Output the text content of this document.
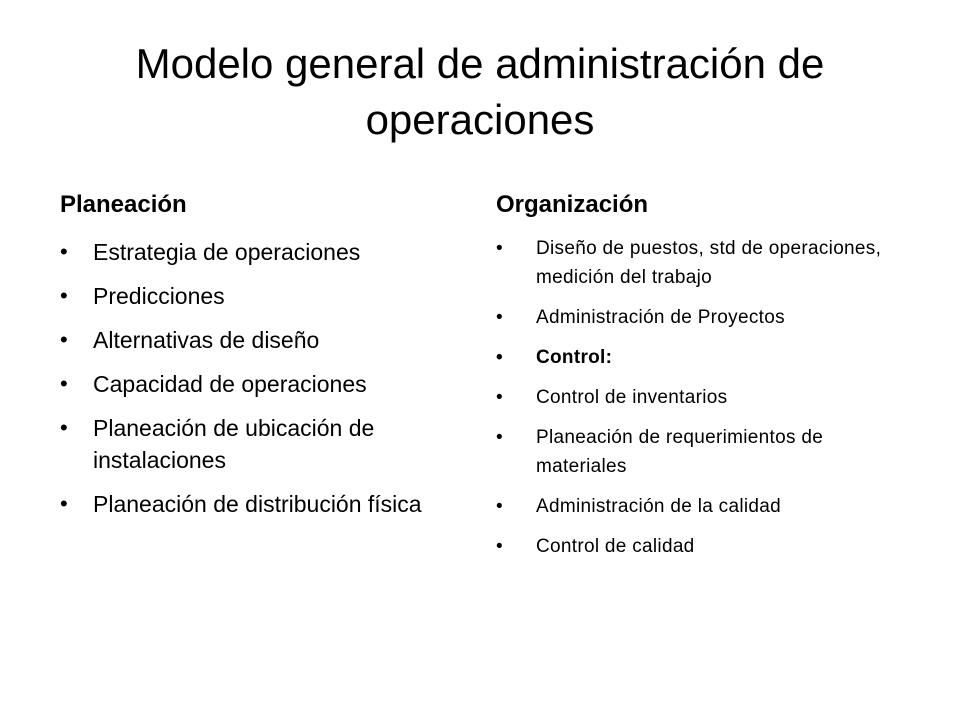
Modelo general de administración de operaciones
Planeación	Organización
• Estrategia de operaciones
• Predicciones
• Alternativas de diseño
• Capacidad de operaciones
• Planeación de ubicación de instalaciones
• Planeación de distribución física
• Diseño de puestos, std de operaciones, medición del trabajo
• Administración de Proyectos
• Control:
• Control de inventarios
• Planeación de requerimientos de materiales
• Administración de la calidad
• Control de calidad
